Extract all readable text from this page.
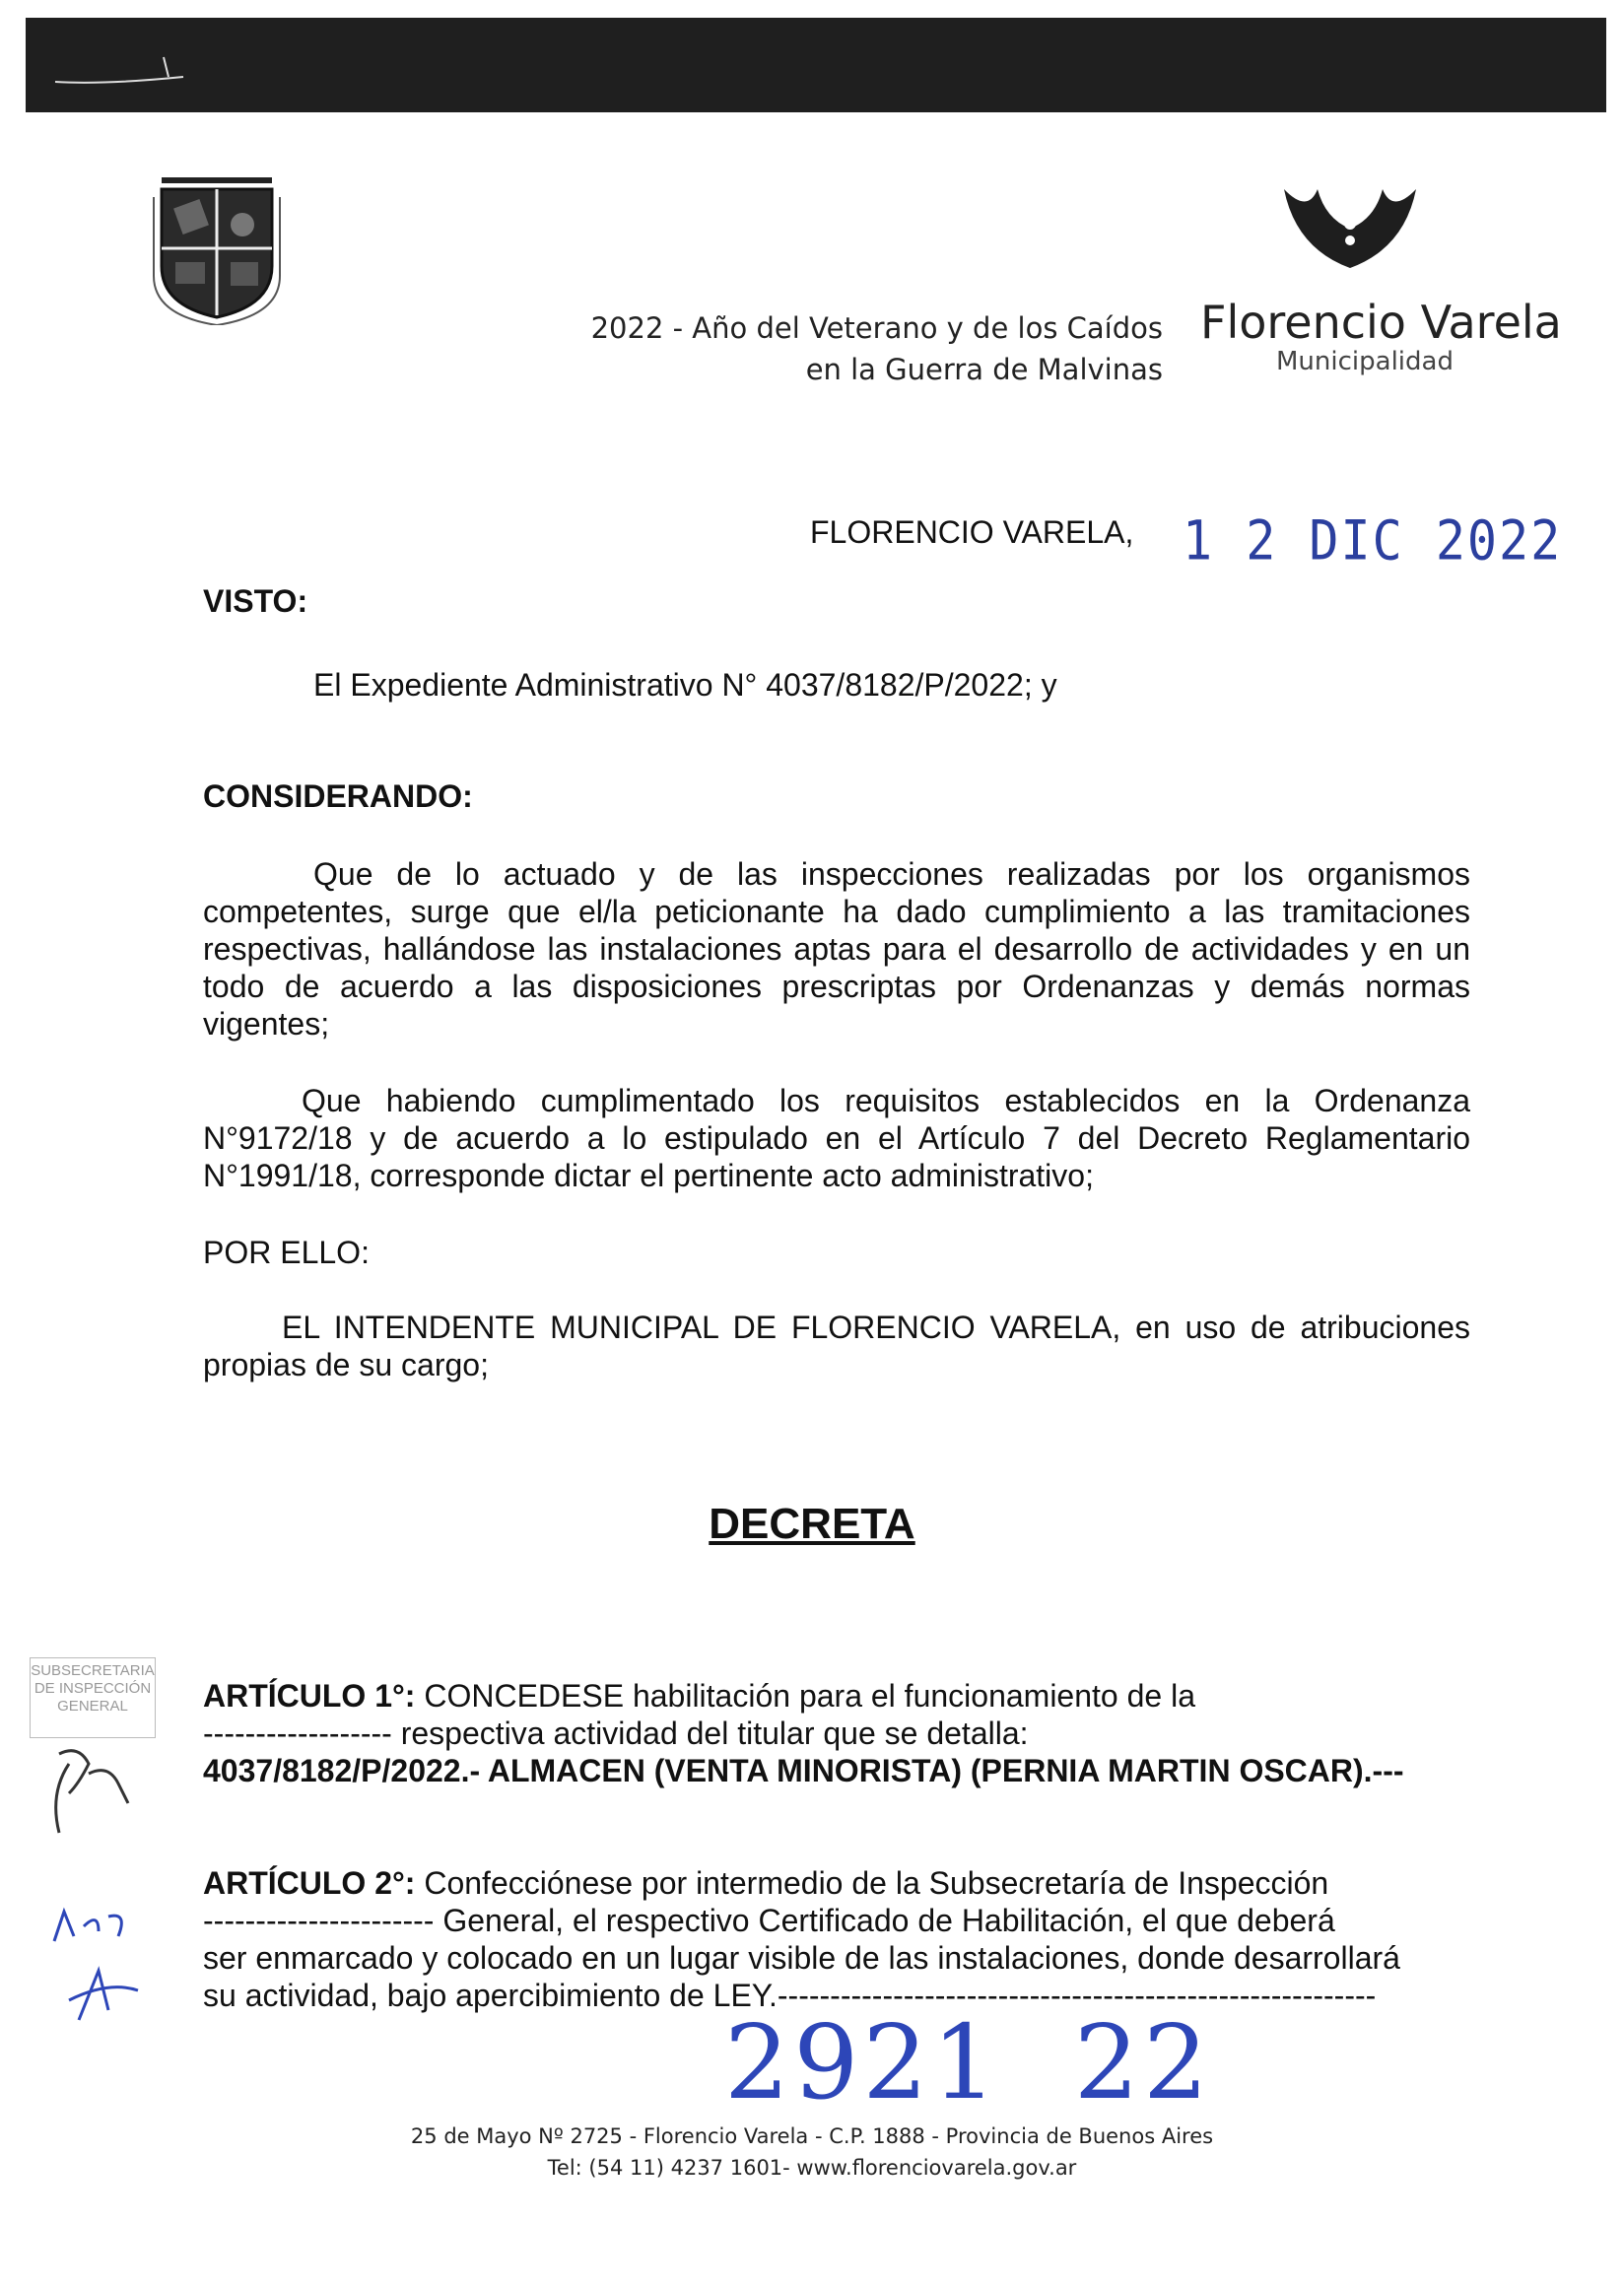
2022 - Año del Veterano y de los Caídos
en la Guerra de Malvinas
Florencio Varela
Municipalidad
FLORENCIO VARELA, 1 2 DIC 2022
VISTO:
El Expediente Administrativo N° 4037/8182/P/2022; y
CONSIDERANDO:
Que de lo actuado y de las inspecciones realizadas por los organismos competentes, surge que el/la peticionante ha dado cumplimiento a las tramitaciones respectivas, hallándose las instalaciones aptas para el desarrollo de actividades y en un todo de acuerdo a las disposiciones prescriptas por Ordenanzas y demás normas vigentes;
Que habiendo cumplimentado los requisitos establecidos en la Ordenanza N°9172/18 y de acuerdo a lo estipulado en el Artículo 7 del Decreto Reglamentario N°1991/18, corresponde dictar el pertinente acto administrativo;
POR ELLO:
EL INTENDENTE MUNICIPAL DE FLORENCIO VARELA, en uso de atribuciones propias de su cargo;
DECRETA
SUBSECRETARIA
DE INSPECCIÓN
GENERAL	ARTÍCULO 1°: CONCEDESE habilitación para el funcionamiento de la
------------------ respectiva actividad del titular que se detalla:
4037/8182/P/2022.- ALMACEN (VENTA MINORISTA) (PERNIA MARTIN OSCAR).---
ARTÍCULO 2°: Confecciónese por intermedio de la Subsecretaría de Inspección
---------------------- General, el respectivo Certificado de Habilitación, el que deberá
ser enmarcado y colocado en un lugar visible de las instalaciones, donde desarrollará
su actividad, bajo apercibimiento de LEY.---------------------------------------------------------
2921  22
25 de Mayo Nº 2725 - Florencio Varela - C.P. 1888 - Provincia de Buenos Aires
Tel: (54 11) 4237 1601- www.florenciovarela.gov.ar
